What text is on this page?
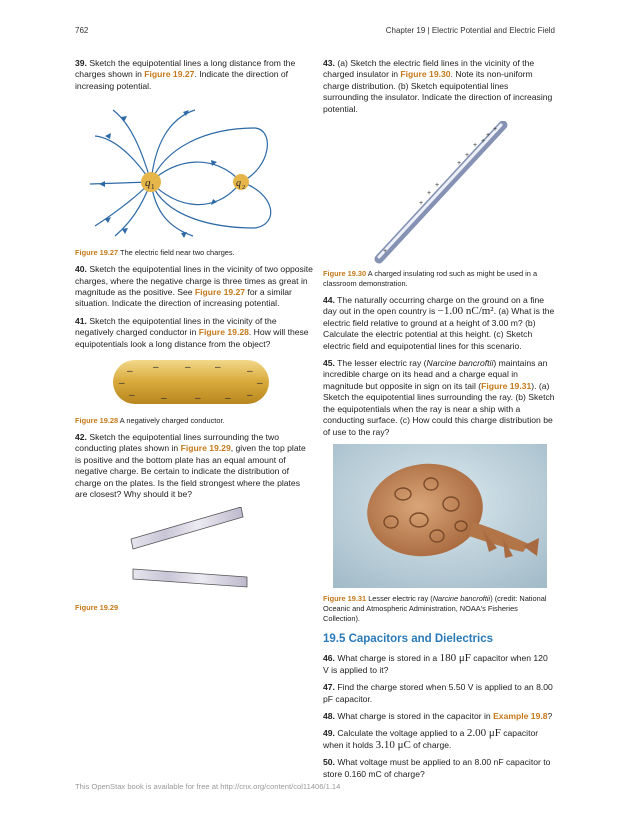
762	Chapter 19 | Electric Potential and Electric Field

39. Sketch the equipotential lines a long distance from the charges shown in Figure 19.27. Indicate the direction of increasing potential.

q 1	q 2

Figure 19.27 The electric field near two charges.

40. Sketch the equipotential lines in the vicinity of two opposite charges, where the negative charge is three times as great in magnitude as the positive. See Figure 19.27 for a similar situation. Indicate the direction of increasing potential.

41. Sketch the equipotential lines in the vicinity of the negatively charged conductor in Figure 19.28. How will these equipotentials look a long distance from the object?

– –	– –	–
–	–
–	–	– – –

Figure 19.28 A negatively charged conductor.

42. Sketch the equipotential lines surrounding the two conducting plates shown in Figure 19.29, given the top plate is positive and the bottom plate has an equal amount of negative charge. Be certain to indicate the distribution of charge on the plates. Is the field strongest where the plates are closest? Why should it be?

Figure 19.29

43. (a) Sketch the electric field lines in the vicinity of the charged insulator in Figure 19.30. Note its non-uniform charge distribution. (b) Sketch equipotential lines surrounding the insulator. Indicate the direction of increasing potential.

+
+
+
+
+
+
+
+
+
+

Figure 19.30 A charged insulating rod such as might be used in a classroom demonstration.

44. The naturally occurring charge on the ground on a fine day out in the open country is −1.00 nC/m². (a) What is the electric field relative to ground at a height of 3.00 m? (b) Calculate the electric potential at this height. (c) Sketch electric field and equipotential lines for this scenario.

45. The lesser electric ray (Narcine bancroftii) maintains an incredible charge on its head and a charge equal in magnitude but opposite in sign on its tail (Figure 19.31). (a) Sketch the equipotential lines surrounding the ray. (b) Sketch the equipotentials when the ray is near a ship with a conducting surface. (c) How could this charge distribution be of use to the ray?

Figure 19.31 Lesser electric ray (Narcine bancroftii) (credit: National Oceanic and Atmospheric Administration, NOAA's Fisheries Collection).

19.5 Capacitors and Dielectrics

46. What charge is stored in a 180 μF capacitor when 120 V is applied to it?

47. Find the charge stored when 5.50 V is applied to an 8.00 pF capacitor.

48. What charge is stored in the capacitor in Example 19.8?

49. Calculate the voltage applied to a 2.00 μF capacitor when it holds 3.10 μC of charge.

50. What voltage must be applied to an 8.00 nF capacitor to store 0.160 mC of charge?

This OpenStax book is available for free at http://cnx.org/content/col11406/1.14
